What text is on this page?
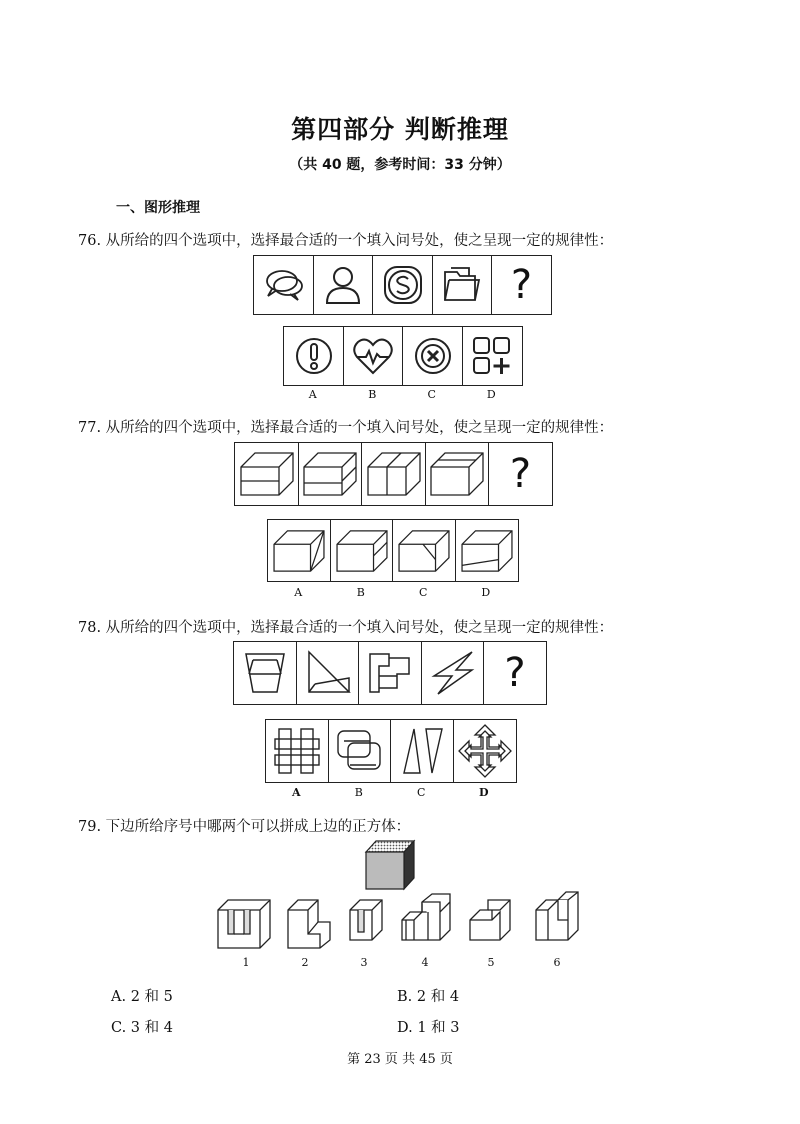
第四部分 判断推理
（共 40 题，参考时间：33 分钟）
一、图形推理
76. 从所给的四个选项中，选择最合适的一个填入问号处，使之呈现一定的规律性：
?
A	B	C	D
77. 从所给的四个选项中，选择最合适的一个填入问号处，使之呈现一定的规律性：
?
A	B	C	D
78. 从所给的四个选项中，选择最合适的一个填入问号处，使之呈现一定的规律性：
?
A	B	C	D
79. 下边所给序号中哪两个可以拼成上边的正方体：
1	2	3	4	5	6
A. 2 和 5	B. 2 和 4
C. 3 和 4	D. 1 和 3
第 23 页 共 45 页
